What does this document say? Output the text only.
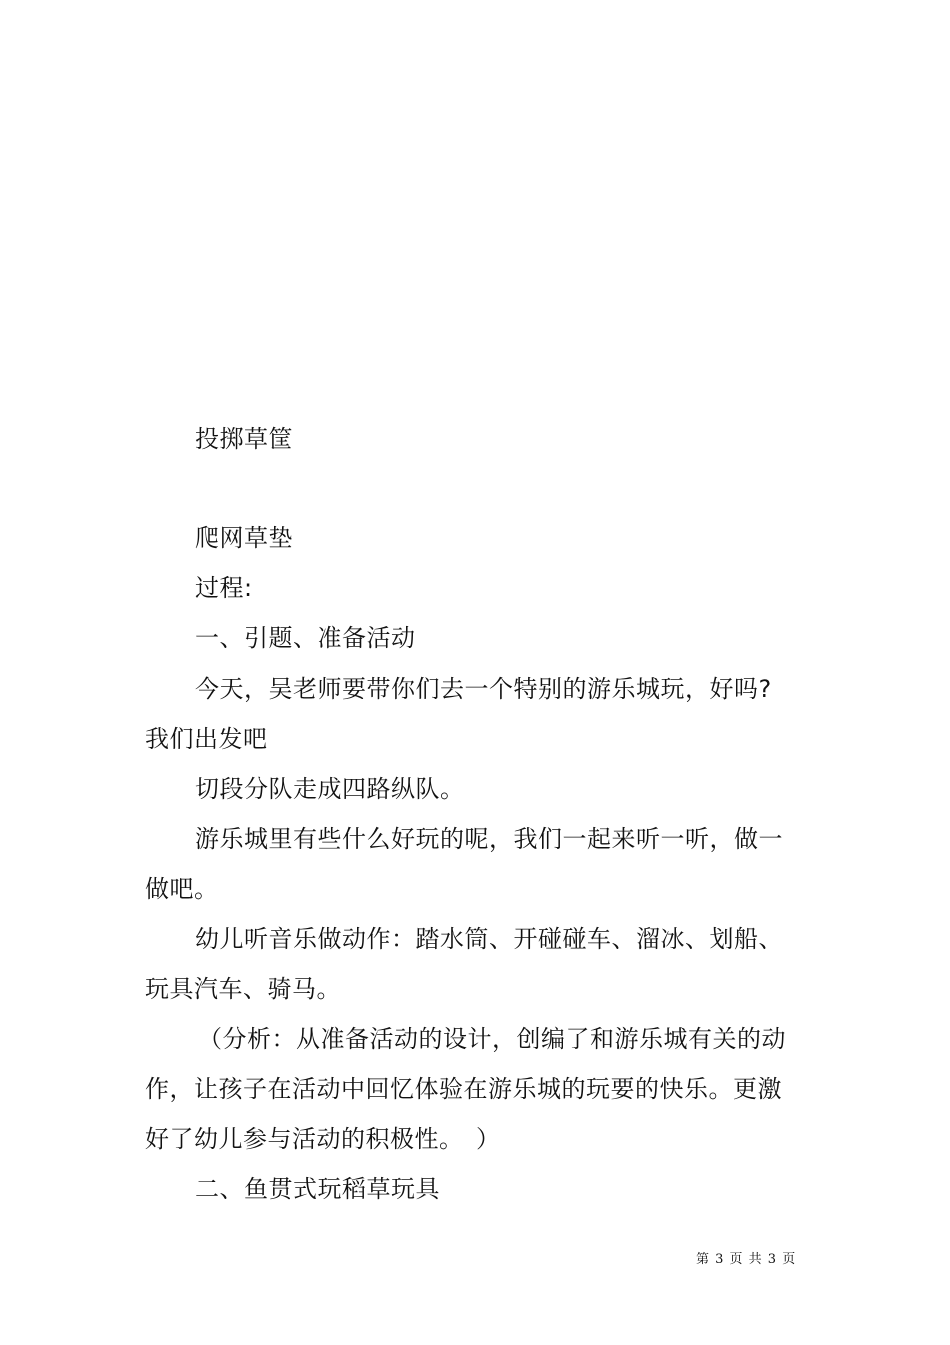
投掷草筐
爬网草垫
过程:
一、引题、准备活动
今天，吴老师要带你们去一个特别的游乐城玩，好吗?
我们出发吧
切段分队走成四路纵队。
游乐城里有些什么好玩的呢，我们一起来听一听，做一
做吧。
幼儿听音乐做动作：踏水筒、开碰碰车、溜冰、划船、
玩具汽车、骑马。
（分析：从准备活动的设计，创编了和游乐城有关的动
作，让孩子在活动中回忆体验在游乐城的玩要的快乐。更激
好了幼儿参与活动的积极性。　）
二、鱼贯式玩稻草玩具
第 3 页 共 3 页
